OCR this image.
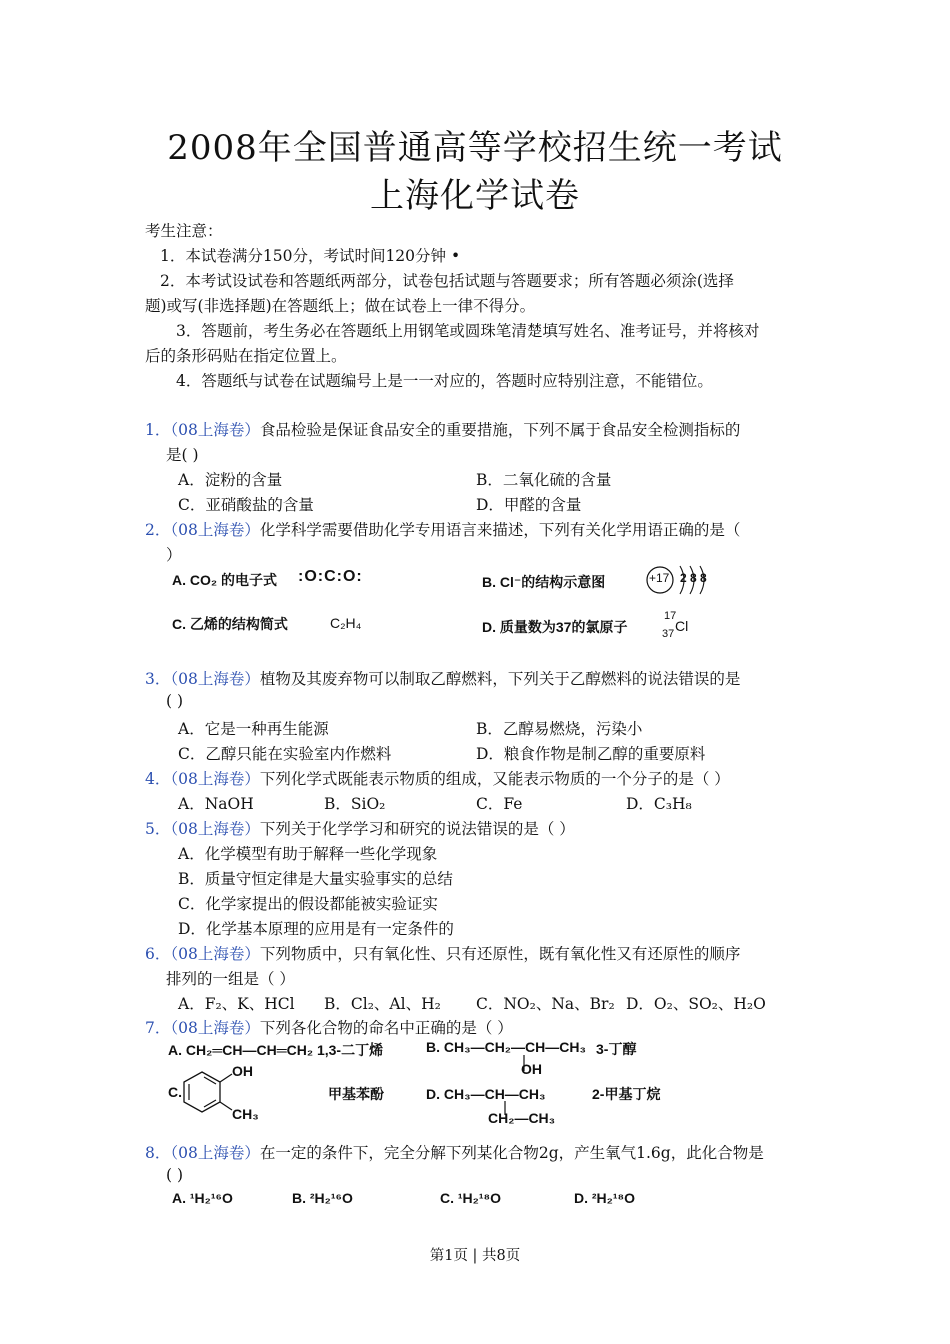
2008年全国普通高等学校招生统一考试
上海化学试卷
考生注意：
1．本试卷满分150分，考试时间120分钟 •
2．本考试设试卷和答题纸两部分，试卷包括试题与答题要求；所有答题必须涂(选择
题)或写(非选择题)在答题纸上；做在试卷上一律不得分。
3．答题前，考生务必在答题纸上用钢笔或圆珠笔清楚填写姓名、准考证号，并将核对
后的条形码贴在指定位置上。
4．答题纸与试卷在试题编号上是一一对应的，答题时应特别注意，不能错位。
1．（08上海卷）食品检验是保证食品安全的重要措施，下列不属于食品安全检测指标的
是( )
A．淀粉的含量	B．二氧化硫的含量
C．亚硝酸盐的含量	D．甲醛的含量
2．（08上海卷）化学科学需要借助化学专用语言来描述，下列有关化学用语正确的是（
）
A. CO₂ 的电子式 :O:C:O:	B. Cl⁻的结构示意图	+17 2 8 8
C. 乙烯的结构简式	C₂H₄	D. 质量数为37的氯原子
17
37 Cl
3．（08上海卷）植物及其废弃物可以制取乙醇燃料，下列关于乙醇燃料的说法错误的是
( )
A．它是一种再生能源	B．乙醇易燃烧，污染小
C．乙醇只能在实验室内作燃料	D．粮食作物是制乙醇的重要原料
4．（08上海卷）下列化学式既能表示物质的组成，又能表示物质的一个分子的是（ ）
A．NaOH	B．SiO₂	C．Fe	D．C₃H₈
5．（08上海卷）下列关于化学学习和研究的说法错误的是（ ）
A．化学模型有助于解释一些化学现象
B．质量守恒定律是大量实验事实的总结
C．化学家提出的假设都能被实验证实
D．化学基本原理的应用是有一定条件的
6．（08上海卷）下列物质中，只有氧化性、只有还原性，既有氧化性又有还原性的顺序
排列的一组是（ ）
A．F₂、K、HCl B．Cl₂、Al、H₂ C．NO₂、Na、Br₂ D．O₂、SO₂、H₂O
7．（08上海卷）下列各化合物的命名中正确的是（ ）
A. CH₂═CH—CH═CH₂ 1,3-二丁烯	B. CH₃—CH₂—CH—CH₃ 3-丁醇
OH
C.
OH
CH₃
甲基苯酚	D. CH₃—CH—CH₃
CH₂—CH₃
2-甲基丁烷
8．（08上海卷）在一定的条件下，完全分解下列某化合物2g，产生氧气1.6g，此化合物是
( )
A. ¹H₂¹⁶O	B. ²H₂¹⁶O	C. ¹H₂¹⁸O	D. ²H₂¹⁸O
第1页 | 共8页
